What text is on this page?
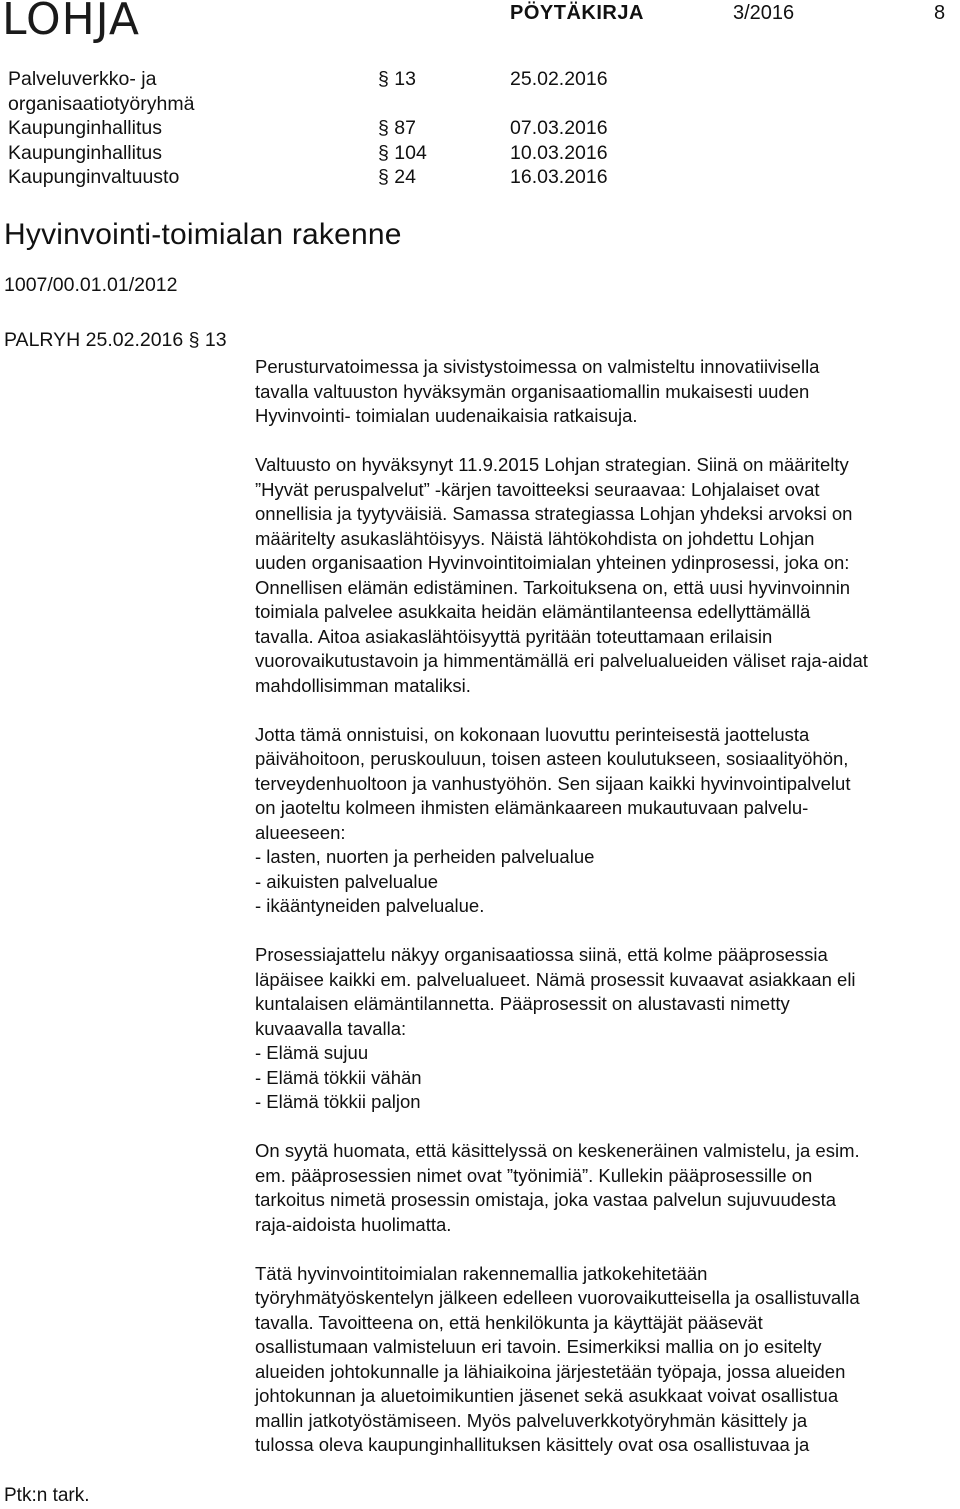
LOHJA	PÖYTÄKIRJA	3/2016	8
Palveluverkko- ja organisaatiotyöryhmä
§ 13	25.02.2016
Kaupunginhallitus	§ 87	07.03.2016
Kaupunginhallitus	§ 104	10.03.2016
Kaupunginvaltuusto	§ 24	16.03.2016
Hyvinvointi-toimialan rakenne
1007/00.01.01/2012
PALRYH 25.02.2016 § 13

Perusturvatoimessa ja sivistystoimessa on valmisteltu innovatiivisella
tavalla valtuuston hyväksymän organisaatiomallin mukaisesti uuden
Hyvinvointi- toimialan uudenaikaisia ratkaisuja.

Valtuusto on hyväksynyt 11.9.2015 Lohjan strategian. Siinä on määritelty
”Hyvät peruspalvelut” -kärjen tavoitteeksi seuraavaa: Lohjalaiset ovat
onnellisia ja tyytyväisiä. Samassa strategiassa Lohjan yhdeksi arvoksi on
määritelty asukaslähtöisyys. Näistä lähtökohdista on johdettu Lohjan
uuden organisaation Hyvinvointitoimialan yhteinen ydinprosessi, joka on:
Onnellisen elämän edistäminen. Tarkoituksena on, että uusi hyvinvoinnin
toimiala palvelee asukkaita heidän elämäntilanteensa edellyttämällä
tavalla. Aitoa asiakaslähtöisyyttä pyritään toteuttamaan erilaisin
vuorovaikutustavoin ja himmentämällä eri palvelualueiden väliset raja-aidat
mahdollisimman mataliksi.

Jotta tämä onnistuisi, on kokonaan luovuttu perinteisestä jaottelusta
päivähoitoon, peruskouluun, toisen asteen koulutukseen, sosiaalityöhön,
terveydenhuoltoon ja vanhustyöhön. Sen sijaan kaikki hyvinvointipalvelut
on jaoteltu kolmeen ihmisten elämänkaareen mukautuvaan palvelu-
alueeseen:
- lasten, nuorten ja perheiden palvelualue
- aikuisten palvelualue
- ikääntyneiden palvelualue.

Prosessiajattelu näkyy organisaatiossa siinä, että kolme pääprosessia
läpäisee kaikki em. palvelualueet. Nämä prosessit kuvaavat asiakkaan eli
kuntalaisen elämäntilannetta. Pääprosessit on alustavasti nimetty
kuvaavalla tavalla:
- Elämä sujuu
- Elämä tökkii vähän
- Elämä tökkii paljon

On syytä huomata, että käsittelyssä on keskeneräinen valmistelu, ja esim.
em. pääprosessien nimet ovat ”työnimiä”. Kullekin pääprosessille on
tarkoitus nimetä prosessin omistaja, joka vastaa palvelun sujuvuudesta
raja-aidoista huolimatta.

Tätä hyvinvointitoimialan rakennemallia jatkokehitetään
työryhmätyöskentelyn jälkeen edelleen vuorovaikutteisella ja osallistuvalla
tavalla. Tavoitteena on, että henkilökunta ja käyttäjät pääsevät
osallistumaan valmisteluun eri tavoin. Esimerkiksi mallia on jo esitelty
alueiden johtokunnalle ja lähiaikoina järjestetään työpaja, jossa alueiden
johtokunnan ja aluetoimikuntien jäsenet sekä asukkaat voivat osallistua
mallin jatkotyöstämiseen. Myös palveluverkkotyöryhmän käsittely ja
tulossa oleva kaupunginhallituksen käsittely ovat osa osallistuvaa ja

Ptk:n tark.
